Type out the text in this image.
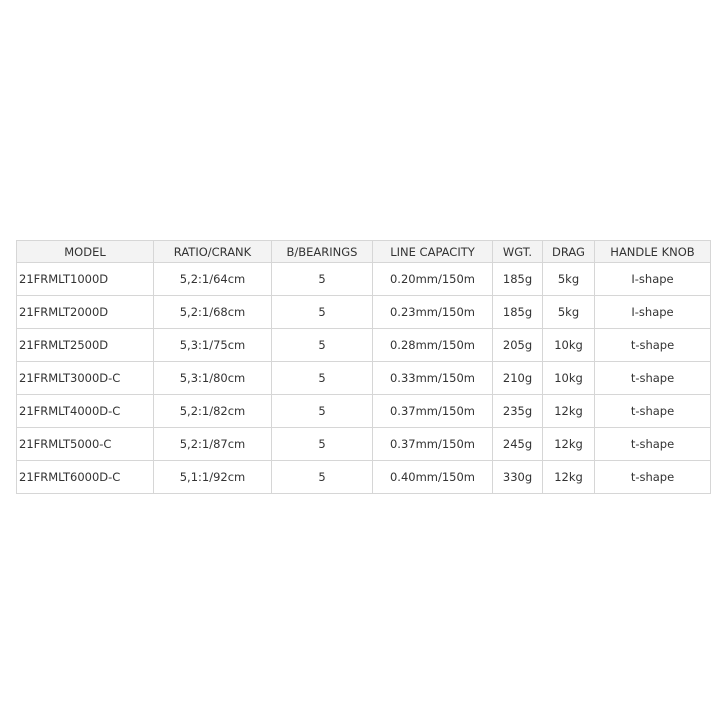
MODEL	RATIO/CRANK	B/BEARINGS	LINE CAPACITY	WGT.	DRAG	HANDLE KNOB
21FRMLT1000D	5,2:1/64cm	5	0.20mm/150m	185g	5kg	I-shape
21FRMLT2000D	5,2:1/68cm	5	0.23mm/150m	185g	5kg	I-shape
21FRMLT2500D	5,3:1/75cm	5	0.28mm/150m	205g	10kg	t-shape
21FRMLT3000D-C	5,3:1/80cm	5	0.33mm/150m	210g	10kg	t-shape
21FRMLT4000D-C	5,2:1/82cm	5	0.37mm/150m	235g	12kg	t-shape
21FRMLT5000-C	5,2:1/87cm	5	0.37mm/150m	245g	12kg	t-shape
21FRMLT6000D-C	5,1:1/92cm	5	0.40mm/150m	330g	12kg	t-shape
